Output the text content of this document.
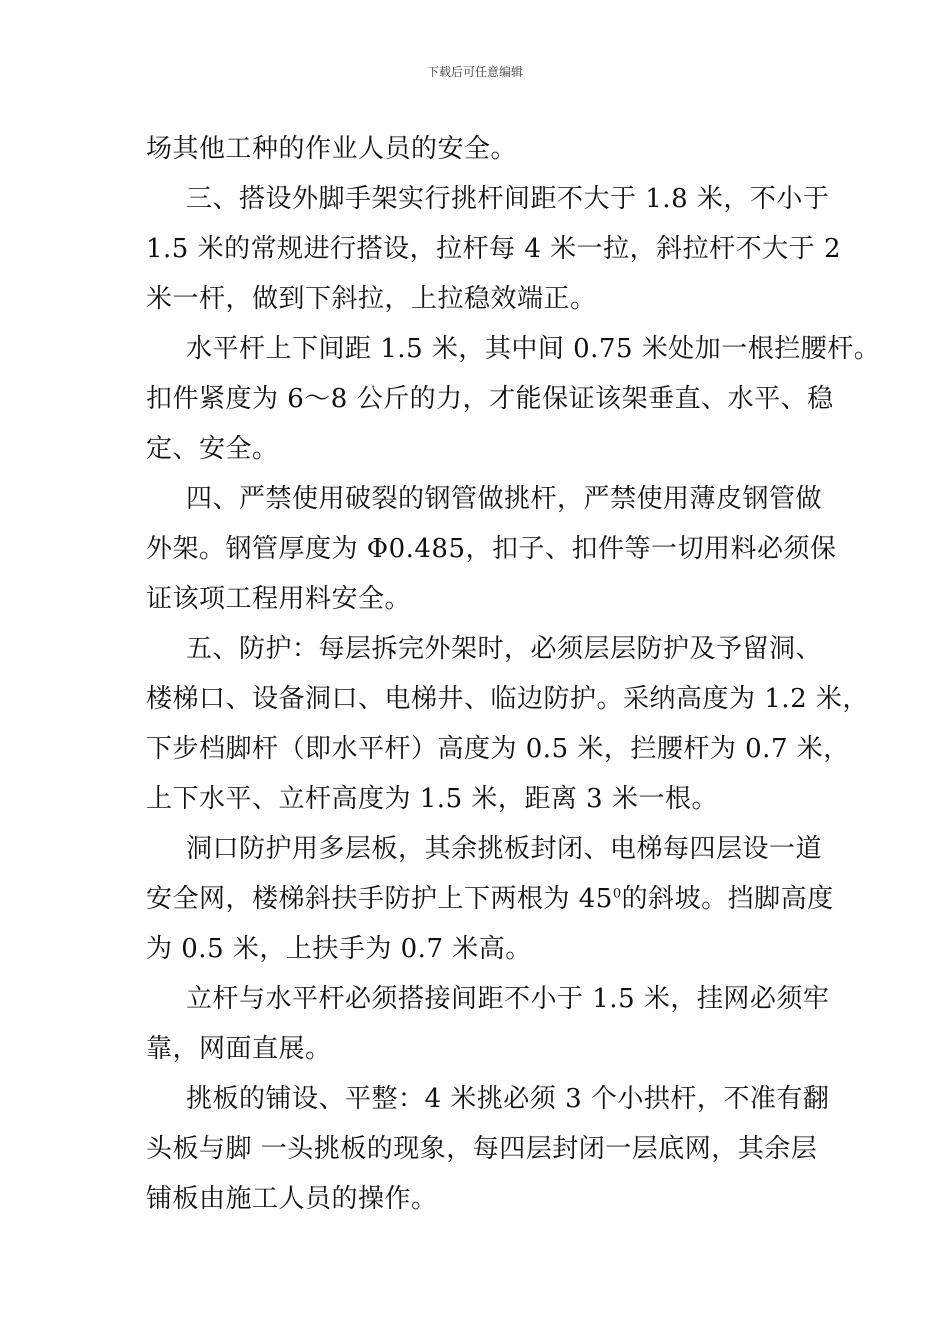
下载后可任意编辑
场其他工种的作业人员的安全。
三、搭设外脚手架实行挑杆间距不大于 1.8 米，不小于
1.5 米的常规进行搭设，拉杆每 4 米一拉，斜拉杆不大于 2
米一杆，做到下斜拉，上拉稳效端正。
水平杆上下间距 1.5 米，其中间 0.75 米处加一根拦腰杆。
扣件紧度为 6～8 公斤的力，才能保证该架垂直、水平、稳
定、安全。
四、严禁使用破裂的钢管做挑杆，严禁使用薄皮钢管做
外架。钢管厚度为 Φ0.485，扣子、扣件等一切用料必须保
证该项工程用料安全。
五、防护：每层拆完外架时，必须层层防护及予留洞、
楼梯口、设备洞口、电梯井、临边防护。采纳高度为 1.2 米，
下步档脚杆（即水平杆）高度为 0.5 米，拦腰杆为 0.7 米，
上下水平、立杆高度为 1.5 米，距离 3 米一根。
洞口防护用多层板，其余挑板封闭、电梯每四层设一道
安全网，楼梯斜扶手防护上下两根为 $45^0$的斜坡。挡脚高度
为 0.5 米，上扶手为 0.7 米高。
立杆与水平杆必须搭接间距不小于 1.5 米，挂网必须牢
靠，网面直展。
挑板的铺设、平整：4 米挑必须 3 个小拱杆，不准有翻
头板与脚 一头挑板的现象，每四层封闭一层底网，其余层
铺板由施工人员的操作。
